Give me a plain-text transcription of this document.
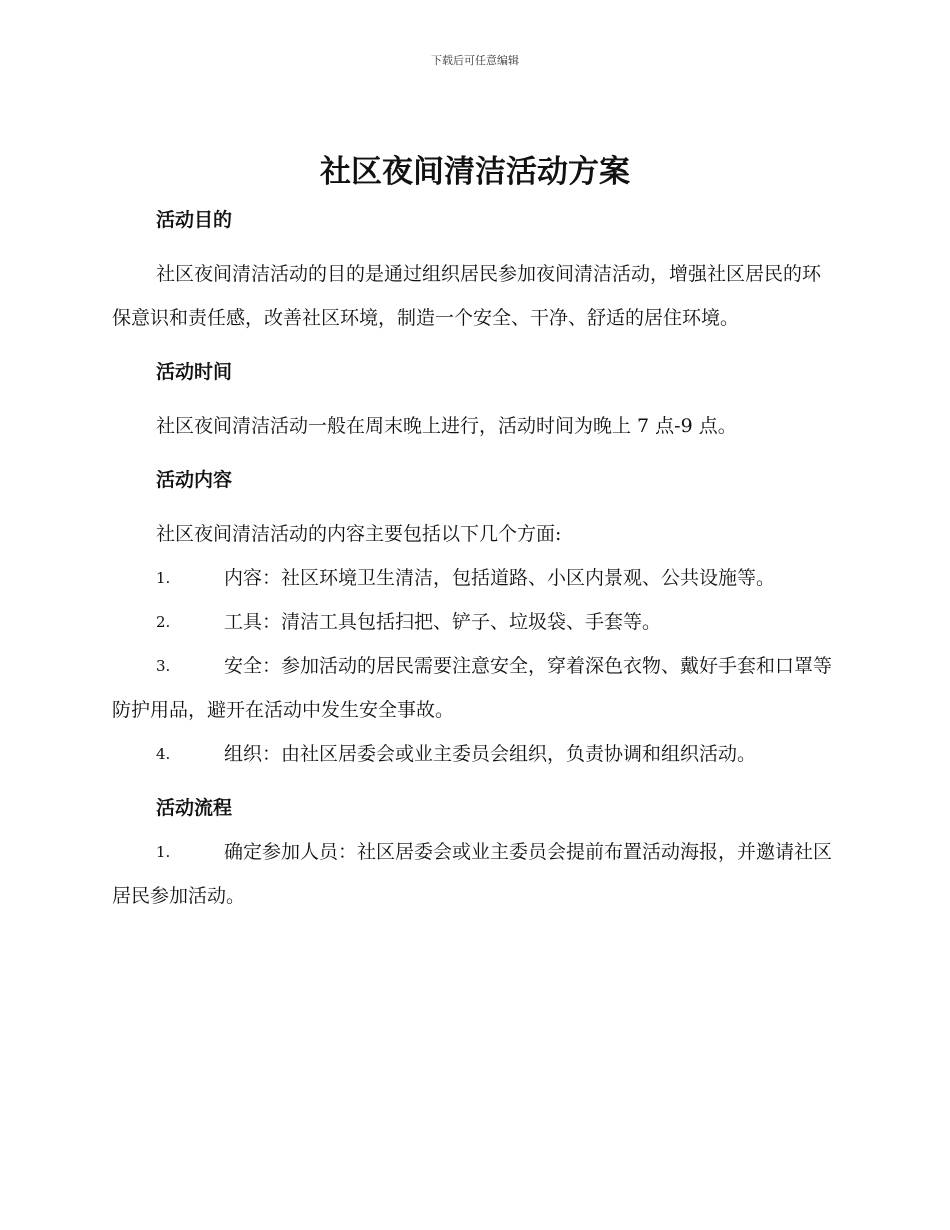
下载后可任意编辑
社区夜间清洁活动方案
活动目的

社区夜间清洁活动的目的是通过组织居民参加夜间清洁活动，增强社区居民的环保意识和责任感，改善社区环境，制造一个安全、干净、舒适的居住环境。

活动时间

社区夜间清洁活动一般在周末晚上进行，活动时间为晚上 7 点-9 点。

活动内容

社区夜间清洁活动的内容主要包括以下几个方面:

1.	内容：社区环境卫生清洁，包括道路、小区内景观、公共设施等。
2.	工具：清洁工具包括扫把、铲子、垃圾袋、手套等。
3.	安全：参加活动的居民需要注意安全，穿着深色衣物、戴好手套和口罩等防护用品，避开在活动中发生安全事故。
4.	组织：由社区居委会或业主委员会组织，负责协调和组织活动。
活动流程
1.	确定参加人员：社区居委会或业主委员会提前布置活动海报，并邀请社区居民参加活动。
